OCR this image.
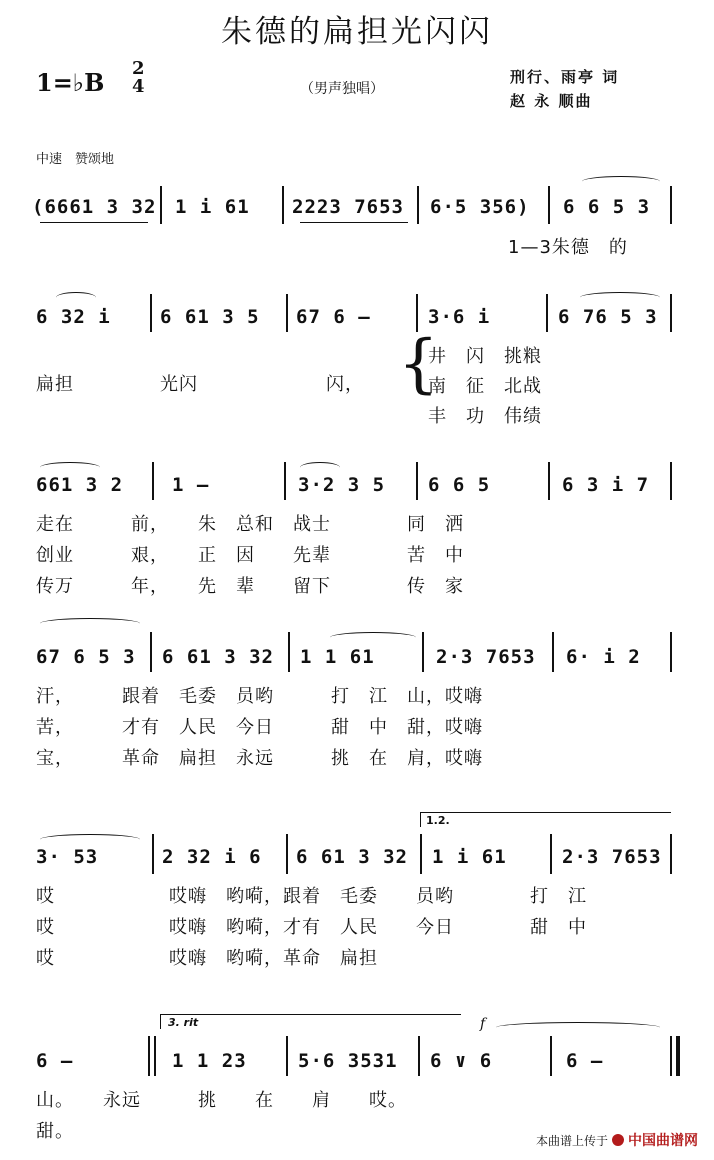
朱德的扁担光闪闪
1=♭B 2
4	（男声独唱）
刑行、雨亭 词
赵 永 顺曲
中速　赞颂地
(6661 3 32 1 i 61 2223 7653 6·5 356) 6 6 5 3
1—3朱德　的
6 32 i	6 61 3 5 67 6 —	3·6 i	6 76 5 3
扁担	光闪	闪， {
井　闪　挑粮
南　征　北战
丰　功　伟绩
661 3 2	1 —	3·2 3 5 6 6 5	6 3 i 7
走在　　　前，　　朱　总和　战士　　　　同　洒
创业　　　艰，　　正　因　　先辈　　　　苦　中
传万　　　年，　　先　辈　　留下　　　　传　家
67 6 5 3 6 61 3 32 1 1 61	2·3 7653 6· i 2
汗，　　　跟着　毛委　员哟　　　打　江　山，哎嗨
苦，　　　才有　人民　今日　　　甜　中　甜，哎嗨
宝，　　　革命　扁担　永远　　　挑　在　肩，哎嗨
1.2.
3· 53	2 32 i 6 6 61 3 32 1 i 61	2·3 7653
哎　　　　　　哎嗨　哟嗬，跟着　毛委　　员哟　　　　打　江
哎　　　　　　哎嗨　哟嗬，才有　人民　　今日　　　　甜　中
哎　　　　　　哎嗨　哟嗬，革命　扁担
3. rit	f
6 —	1 1 23	5·6 3531 6 ∨ 6	6 —
山。　　永远　　　挑　　在　　肩　　哎。
甜。	本曲谱上传于 中国曲谱网
